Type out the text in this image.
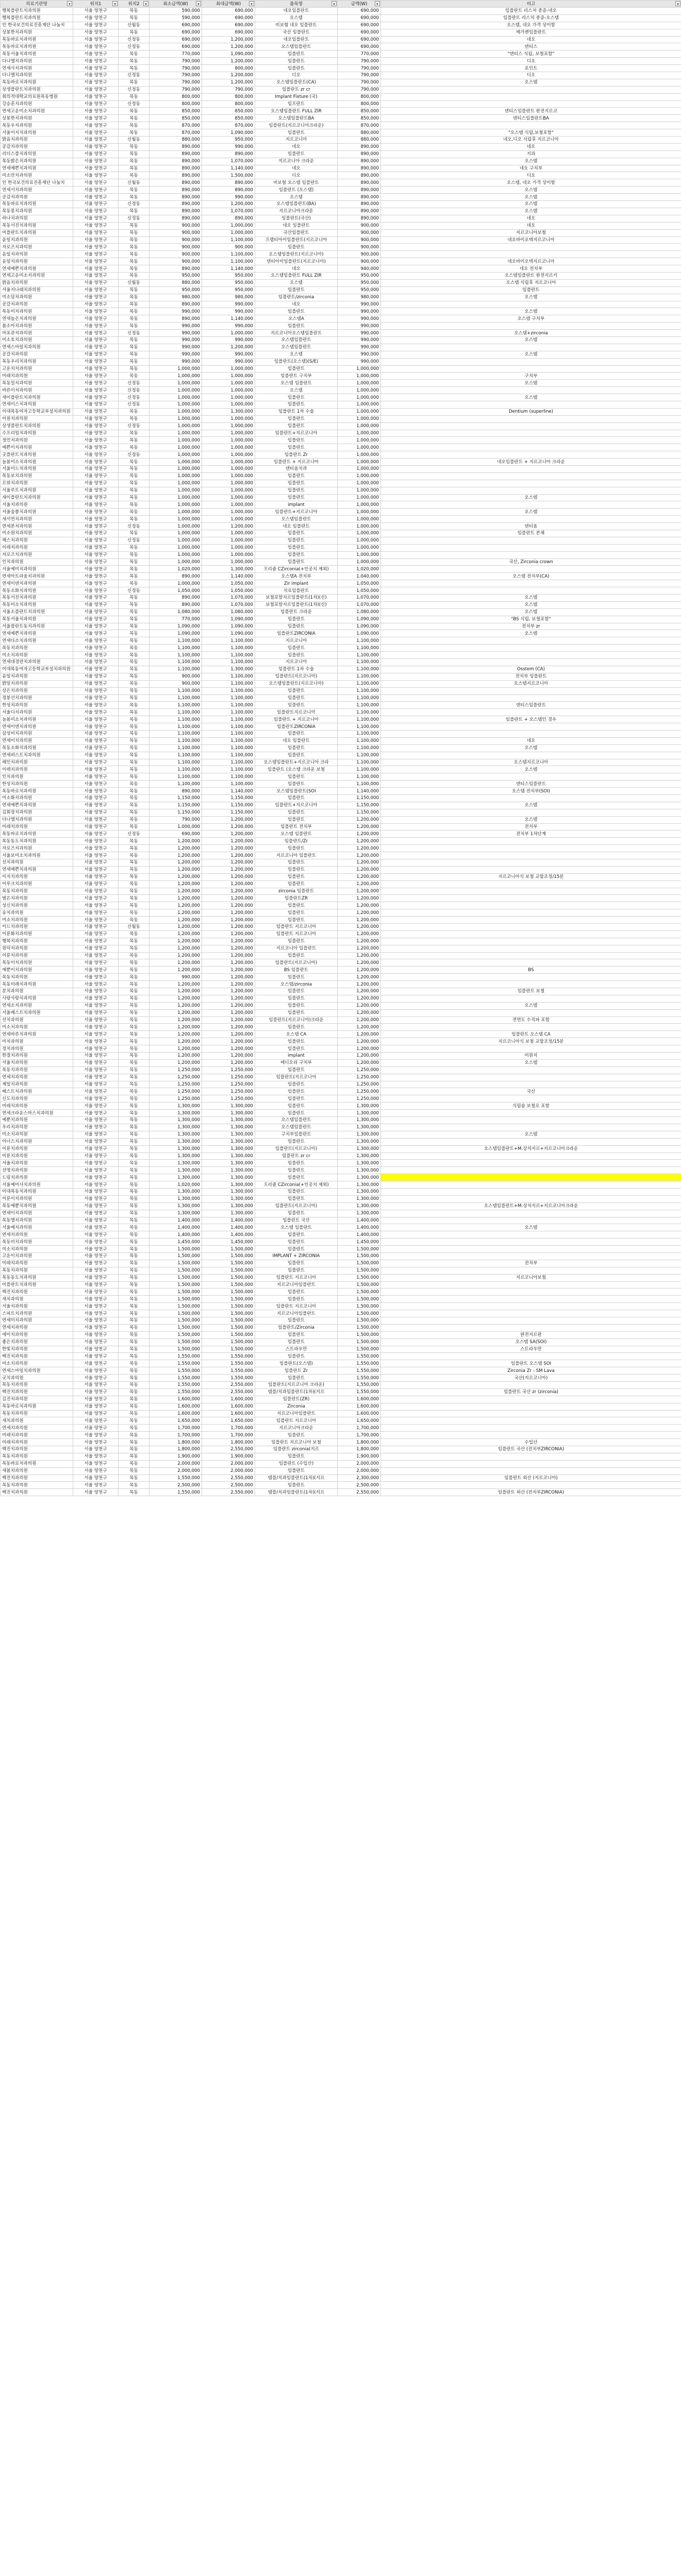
의료기관명 ▾	위치1 ▾	위치2 ▾	최소금액(W) ▾	최대금액(W) ▾	품목명 ▾	금액(W) ▾	비고 ▾

행복플란트치과의원	서울 양천구	목동	590,000	690,000	네오임플란트	690,000	임플란트 리스처 중증-네오
행복플란트치과의원	서울 양천구	목동	590,000	690,000	오스템	690,000	임플란트 리스처 중증-오스템
인 한국보건의료진흥재단 나눔치	서울 양천구	신월동	690,000	690,000	비보험 네오 임플란트	690,000	오스템, 네오 가격 상이함
상봉한치과의원	서울 양천구	목동	690,000	690,000	국산 임플란트	690,000	메가젠임플란트
목동바로치과의원	서울 양천구	신정동	690,000	1,200,000	네오임플란트	690,000	네오
목동바로치과의원	서울 양천구	신정동	690,000	1,200,000	오스템임플란트	690,000	덴티스
목동서울치과의원	서울 양천구	목동	770,000	1,090,000	임플란트	770,000	"덴티스 식립, 보철포함"
다니엘치과의원	서울 양천구	목동	790,000	1,200,000	임플란트	790,000	디오
연세사치과의원	서울 양천구	목동	790,000	800,000	임플란트	790,000	포인트
다니엘치과의원	서울 양천구	신정동	790,000	1,200,000	디오	790,000	디오
목동바로치과의원	서울 양천구	목동	790,000	1,200,000	오스템임플란트(CA)	790,000	오스템
상생플란트치과의원	서울 양천구	신정동	790,000	790,000	임플란트 zr cr	790,000	
회의적대학교의료원목동병원	서울 양천구	목동	800,000	800,000	Implant Fixture (국)	800,000	
강승훈치과의원	서울 양천구	신정동	800,000	800,000	임프란트	800,000	
연세고운미소치과의원	서울 양천구	목동	850,000	850,000	오스템임플란트 FULL ZIR	850,000	덴티스임플란트 완전지르코
상봉한치과의원	서울 양천구	목동	850,000	850,000	오스템임플란트BA	850,000	덴티스임플란트BA
목동우치과의원	서울 양천구	목동	870,000	870,000	임플란트(지르코니아크라운)	870,000	
서울이지치과의원	서울 양천구	목동	870,000	1,090,000	임플란트	880,000	"오스템 식립,보철포함"
밝음치과의원	서울 양천구	신월동	880,000	950,000	지르코니아	880,000	네오,디오 식립후 지르코니아
공감치과의원	서울 양천구	목동	890,000	990,000	네오	890,000	네오
리더스플치과의원	서울 양천구	목동	890,000	890,000	임플란트	890,000	지과
목동밝은치과의원	서울 양천구	목동	890,000	1,070,000	지르코니아 크라운	890,000	오스템
연세예쁜치과의원	서울 양천구	목동	890,000	1,140,000	네오	890,000	네오 구치부
미소안치과의원	서울 양천구	목동	890,000	1,500,000	디오	890,000	디오
인 한국보건의료진흥재단 나눔치	서울 양천구	신월동	890,000	890,000	비보험 오스템 임플란트	890,000	오스템, 네오 가격 상이함
연세서치과의원	서울 양천구	목동	890,000	890,000	임플란트 (오스템)	890,000	오스템
공감치과의원	서울 양천구	목동	890,000	990,000	오스템	890,000	오스템
목동바로치과의원	서울 양천구	신정동	890,000	1,200,000	오스템임플란트(BA)	890,000	오스템
목동몽치과의원	서울 양천구	목동	890,000	1,070,000	지르코니아크라운	890,000	오스템
하나치과의원	서울 양천구	신정동	890,000	890,000	임플란트(국산)	890,000	네오
목동서진치과의원	서울 양천구	목동	900,000	1,000,000	네오 임플란트	900,000	네오
미플란트치과의원	서울 양천구	목동	900,000	1,000,000	국산임플란트	900,000	지르코니아보철
윤일치과의원	서울 양천구	목동	900,000	1,100,000	프렙티아이임플란트(지르코니아	900,000	네오바이오텍지르코니아
자로즈치과의원	서울 양천구	목동	900,000	900,000	임플란트	900,000	
윤일치과의원	서울 양천구	목동	900,000	1,100,000	오스템임플란트(지르코니아)	900,000	
윤일치과의원	서울 양천구	목동	900,000	1,100,000	덴티아이임플란트(지르코니아)	900,000	네오바이오텍지르코니아
연세예쁜치과의원	서울 양천구	목동	890,000	1,140,000	네오	940,000	네오 전치부
연세고운미소치과의원	서울 양천구	목동	950,000	950,000	오스템임플란트 FULL ZIR	950,000	오스템임플란트 완전지르키
밝음치과의원	서울 양천구	신월동	880,000	950,000	오스템	950,000	오스템 식립후 지르코니아
서울지나래치과의원	서울 양천구	목동	950,000	950,000	임플란트	950,000	임플란트
미소담치과의원	서울 양천구	목동	980,000	980,000	임플란트/zirconia	980,000	오스템
공갈치과의원	서울 양천구	목동	890,000	990,000	네오	990,000	
목동미치과의원	서울 양천구	목동	990,000	990,000	임플란트	990,000	오스템
연세높은치과의원	서울 양천구	목동	890,000	1,140,000	오스템A	990,000	오스템 구치부
봄소아치과의원	서울 양천구	목동	990,000	990,000	임플란트	990,000	
마포관치과의원	서울 양천구	신정동	990,000	1,000,000	지르코니아오스템임플란트	990,000	오스템+zirconia
미소호치과의원	서울 양천구	목동	990,000	990,000	오스템임플란트	990,000	오스템
연세스마일치과의원	서울 양천구	목동	990,000	1,200,000	오스템임플란트	990,000	
공갈치과의원	서울 양천구	목동	990,000	990,000	오스템	990,000	오스템
목동우리치과의원	서울 양천구	목동	990,000	990,000	임플란트(오스템)(S/E)	990,000	
고운치치과의원	서울 양천구	목동	1,000,000	1,000,000	임플란트	1,000,000	
미래치과의원	서울 양천구	목동	1,000,000	1,000,000	임플란트 구치부	1,000,000	구치부
목동밀치과의원	서울 양천구	신정동	1,000,000	1,000,000	오스템 임플란트	1,000,000	오스템
바른이치과의원	서울 양천구	신정동	1,000,000	1,000,000	오스템	1,000,000	
새이플란트치과의원	서울 양천구	신정동	1,000,000	1,000,000	임플란트	1,000,000	오스템
연세이스치과의원	서울 양천구	신정동	1,000,000	1,000,000	임플란트	1,000,000	
이대목동여자고등학교부설치과의원	서울 양천구	목동	1,000,000	1,300,000	임플란트 1차 수술	1,000,000	Dentium (superline)
이원치과의원	서울 양천구	목동	1,000,000	1,000,000	임플란트	1,000,000	
상생플란트치과의원	서울 양천구	신정동	1,000,000	1,000,000	임플란트	1,000,000	
수프리엄치과의원	서울 양천구	목동	1,000,000	1,000,000	임플란트+지르코니아	1,000,000	
정민치과의원	서울 양천구	목동	1,000,000	1,000,000	임플란트	1,000,000	
예쁜이치과의원	서울 양천구	목동	1,000,000	1,000,000	임플란트	1,000,000	
굿플란트치과의원	서울 양천구	신정동	1,000,000	1,000,000	임플란트 Zr	1,000,000	
늘봄미소치과의원	서울 양천구	목동	1,000,000	1,000,000	임플란트 + 지르코니아	1,000,000	네오임플란트 + 지르코니아 크라운
서울미드치과의원	서울 양천구	목동	1,000,000	1,000,000	덴티움치과	1,000,000	
목동보치과의원	서울 양천구	목동	1,000,000	1,000,000	임플란트	1,000,000	
르위치과의원	서울 양천구	목동	1,000,000	1,000,000	임플란트	1,000,000	
서울루트치과의원	서울 양천구	목동	1,000,000	1,000,000	임플란트	1,000,000	
새이플란트치과의원	서울 양천구	목동	1,000,000	1,000,000	임플란트	1,000,000	오스템
서울치과의원	서울 양천구	목동	1,000,000	1,000,000	implant	1,000,000	
서울숲폴치과의원	서울 양천구	목동	1,000,000	1,000,000	임플란트+지르코니아	1,000,000	오스템
새서연치과의원	서울 양천구	목동	1,000,000	1,000,000	오스템임플란트	1,000,000	
연세본치과의원	서울 양천구	신정동	1,000,000	1,200,000	네오 임플란트	1,000,000	덴티움
미소원치과의원	서울 양천구	목동	1,000,000	1,000,000	임플란트	1,000,000	임플란트 본체
해스치과의원	서울 양천구	신정동	1,000,000	1,000,000	임플란트	1,000,000	
이레치과의원	서울 양천구	목동	1,000,000	1,000,000	임플란트	1,000,000	
자로즈치과의원	서울 양천구	목동	1,000,000	1,000,000	임플란트	1,000,000	
인치과의원	서울 양천구	목동	1,000,000	1,000,000	임플란트	1,000,000	국산, Zirconia crown
서울예미치과의원	서울 양천구	목동	1,020,000	1,300,000	프리쥼 CZirconia(+인공치 제외)	1,020,000	
연세아트라움치과의원	서울 양천구	목동	890,000	1,140,000	오스템A 전치부	1,040,000	오스템 전치부(CA)
연세이덴치과의원	서울 양천구	목동	1,000,000	1,050,000	Zir implant	1,050,000	
목동소화치과의원	서울 양천구	신정동	1,050,000	1,050,000	치료임플란트	1,050,000	
목동서진치과의원	서울 양천구	목동	890,000	1,070,000	보철포함지르임플란트(1차)(신)	1,070,000	오스템
목동미소치과의원	서울 양천구	목동	890,000	1,070,000	보철포함지르임플란트(1차)(신)	1,070,000	오스템
서울소플란트치과의원	서울 양천구	목동	1,080,000	1,080,000	임플란트 크라운	1,080,000	오스템
목동서울치과의원	서울 양천구	목동	770,000	1,090,000	임플란트	1,090,000	"BS 식립, 보철포함"
서울플란트동치과의원	서울 양천구	목동	1,090,000	1,090,000	임플란트	1,090,000	전치부 zr
연세예쁜치과의원	서울 양천구	목동	1,090,000	1,090,000	임플란트ZIRCONIA	1,090,000	오스템
연세다소치과의원	서울 양천구	목동	1,100,000	1,100,000	지르코니아	1,100,000	
목동치과의원	서울 양천구	목동	1,100,000	1,100,000	임플란트	1,100,000	
미소치과의원	서울 양천구	목동	1,100,000	1,100,000	임플란트	1,100,000	
연세대경련치과의원	서울 양천구	목동	1,100,000	1,100,000	지르코니아	1,100,000	
이대목동여자고등학교부설치과의원	서울 양천구	목동	1,100,000	1,300,000	임플란트 1차 수술	1,100,000	Osstem (CA)
윤일치과의원	서울 양천구	목동	900,000	1,100,000	임플란트(지르코니아)	1,100,000	전치부 임플란트
밝일치과의원	서울 양천구	목동	900,000	1,100,000	오스템임플란트(지르코니아)	1,100,000	오스템지르코니아
상은치과의원	서울 양천구	목동	1,100,000	1,100,000	임플란트	1,100,000	
정봉선치과의원	서울 양천구	목동	1,100,000	1,100,000	임플란트	1,100,000	
한성치과의원	서울 양천구	목동	1,100,000	1,100,000	임플란트	1,100,000	덴티스임플란트
서울디치과의원	서울 양천구	목동	1,100,000	1,100,000	임플란트지르코니아	1,100,000	
늘봄미소치과의원	서울 양천구	목동	1,100,000	1,100,000	임플란트 + 지르코니아	1,100,000	임플란트 + 오스템인 경우
연세이덴치과의원	서울 양천구	목동	1,100,000	1,100,000	임플란트ZIRCONIA	1,100,000	
삼성비치과의원	서울 양천구	목동	1,100,000	1,100,000	임플란트	1,100,000	
연세이치과의원	서울 양천구	목동	1,100,000	1,100,000	네오 임플란트	1,100,000	네오
목동소화치과의원	서울 양천구	목동	1,100,000	1,100,000	임플란트	1,100,000	오스템
연세퍼스트치과의원	서울 양천구	목동	1,100,000	1,100,000	임플란트	1,100,000	
해인치과의원	서울 양천구	목동	1,100,000	1,100,000	오스템임플란트+지르코니아 크라	1,100,000	오스템지르코니아
이레치과의원	서울 양천구	목동	1,100,000	1,100,000	임플란트 (오스템 크라운 보철	1,100,000	오스템
인치과의원	서울 양천구	목동	1,100,000	1,100,000	임플란트	1,100,000	
한성치과의원	서울 양천구	목동	1,100,000	1,100,000	임플란트	1,100,000	덴티스임플란트
목동바로치과의원	서울 양천구	목동	890,000	1,140,000	오스템임플란트(SOI	1,140,000	오스템 전치부(SOI)
미소화치과의원	서울 양천구	목동	1,150,000	1,150,000	임플란트	1,150,000	
연세예쁜치과의원	서울 양천구	목동	1,150,000	1,150,000	임플란트+지르코니아	1,150,000	오스템
김회장치과의원	서울 양천구	목동	1,150,000	1,150,000	임플란트	1,150,000	
다니엘치과의원	서울 양천구	목동	790,000	1,200,000	임플란트	1,200,000	오스템
미래치과의원	서울 양천구	목동	1,000,000	1,200,000	임플란트 전치부	1,200,000	전치부
목동바로치과의원	서울 양천구	신정동	690,000	1,200,000	오스템 임플란트	1,200,000	전치부 1차단계
목동동도치과의원	서울 양천구	목동	1,200,000	1,200,000	임플란트/Zr	1,200,000	
자로즈치과의원	서울 양천구	목동	1,200,000	1,200,000	임플란트	1,200,000	
서울보미소치과의원	서울 양천구	목동	1,200,000	1,200,000	지르코니아 임플란트	1,200,000	
선치과의원	서울 양천구	목동	1,200,000	1,200,000	임플란트	1,200,000	
연세예쁜치과의원	서울 양천구	목동	1,200,000	1,200,000	임플란트	1,200,000	
이지치과의원	서울 양천구	목동	1,200,000	1,200,000	임플란트	1,200,000	지르코니아식 보철 교합조정/15분
이루크치과의원	서울 양천구	목동	1,200,000	1,200,000	임플란트	1,200,000	
목동치과의원	서울 양천구	목동	1,200,000	1,200,000	zirconia 임플란트	1,200,000	
범은치과의원	서울 양천구	목동	1,200,000	1,200,000	임플란트ZR	1,200,000	
성신치과의원	서울 양천구	목동	1,200,000	1,200,000	임플란트	1,200,000	
송치과의원	서울 양천구	목동	1,200,000	1,200,000	임플란트	1,200,000	
미소치과의원	서울 양천구	목동	1,200,000	1,200,000	임플란트	1,200,000	
이드치과의원	서울 양천구	신월동	1,200,000	1,200,000	임플란트 지르코니아	1,200,000	
이룬화치과의원	서울 양천구	목동	1,200,000	1,200,000	임플란트 지르코니아	1,200,000	
행복치과의원	서울 양천구	목동	1,200,000	1,200,000	임플란트	1,200,000	
원덕치과의원	서울 양천구	목동	1,200,000	1,200,000	지르코니아 임플란트	1,200,000	
이룬치과의원	서울 양천구	목동	1,200,000	1,200,000	임플란트	1,200,000	
목동이치과의원	서울 양천구	목동	1,200,000	1,200,000	임플란트(지르코니아)	1,200,000	
예뿐이치과의원	서울 양천구	목동	1,200,000	1,200,000	BS 임플란트	1,200,000	BS
목동치과의원	서울 양천구	목동	990,000	1,200,000	임플란트	1,200,000	
목동미래치과의원	서울 양천구	목동	1,200,000	1,200,000	오스템/zirconia	1,200,000	
분치과의원	서울 양천구	목동	1,200,000	1,200,000	임플란트	1,200,000	임플란트 보철
사랑사랑치과의원	서울 양천구	목동	1,200,000	1,200,000	임플란트	1,200,000	
연세소치과의원	서울 양천구	목동	1,200,000	1,200,000	임플란트	1,200,000	오스템
서울베스트치과의원	서울 양천구	목동	1,200,000	1,200,000	임플란트	1,200,000	
선치과의원	서울 양천구	목동	1,200,000	1,200,000	임플란트(지르코니아)크라운	1,200,000	전면도 수직파 포함
미소치과의원	서울 양천구	목동	1,200,000	1,200,000	임플란트	1,200,000	
연세바른치과의원	서울 양천구	목동	1,200,000	1,200,000	오스템 CA	1,200,000	임플란트 오스템 CA
미치과의원	서울 양천구	목동	1,200,000	1,200,000	임플란트	1,200,000	지르코니아식 보철 교합조정/15분
정치과의원	서울 양천구	목동	1,200,000	1,200,000	임플란트	1,200,000	
한결치과의원	서울 양천구	목동	1,200,000	1,200,000	implant	1,200,000	미원지
서울치과의원	서울 양천구	목동	1,200,000	1,200,000	메디오라 구치부	1,200,000	오스템
목동치과의원	서울 양천구	목동	1,250,000	1,250,000	임플란트	1,250,000	
연세치과의원	서울 양천구	목동	1,250,000	1,250,000	임플란트(지르코니아	1,250,000	
제일치과의원	서울 양천구	목동	1,250,000	1,250,000	임플란트	1,250,000	
베스트치과의원	서울 양천구	목동	1,250,000	1,250,000	임플란트	1,250,000	국산
신도치과의원	서울 양천구	목동	1,250,000	1,250,000	임플란트	1,250,000	
미래치과의원	서울 양천구	목동	1,300,000	1,300,000	임플란트	1,300,000	식립술 보철로 포함
연세크라운스마스치과의원	서울 양천구	목동	1,300,000	1,300,000	임플란트	1,300,000	
예뿐치과의원	서울 양천구	목동	1,300,000	1,300,000	오스템임플란트	1,300,000	
우리치과의원	서울 양천구	목동	1,300,000	1,300,000	오스템임플란트	1,300,000	
미소치과의원	서울 양천구	목동	1,300,000	1,300,000	구치부임플란트	1,300,000	오스템
아너스치과의원	서울 양천구	목동	1,300,000	1,300,000	임플란트	1,300,000	
이룬치과의원	서울 양천구	목동	1,300,000	1,300,000	임플란트(지르코니아)	1,300,000	오스템임플란트+M.상처지르+지르코니아크라운
미룬치과의원	서울 양천구	목동	1,300,000	1,300,000	임플란트 zr cr	1,300,000	
서울치과의원	서울 양천구	목동	1,300,000	1,300,000	임플란트	1,300,000	
선명치과의원	서울 양천구	목동	1,300,000	1,300,000	임플란트	1,300,000	
드림치과의원	서울 양천구	목동	1,300,000	1,300,000	임플란트	1,300,000	
서울예미사치과의원	서울 양천구	목동	1,020,000	1,300,000	프리쥼 CZirconia(+인공치 제외)	1,300,000	
이대목동치과의원	서울 양천구	목동	1,300,000	1,300,000	임플란트	1,300,000	
이룬이치과의원	서울 양천구	목동	1,300,000	1,300,000	임플란트	1,300,000	
목동예뿐치과의원	서울 양천구	목동	1,300,000	1,300,000	임플란트(지르코니아)	1,300,000	오스템임플란트+M.상처지르+지르코니아크라운
연세이치과의원	서울 양천구	목동	1,300,000	1,300,000	임플란트	1,300,000	
목동엘치과의원	서울 양천구	목동	1,400,000	1,400,000	임플란트 국산	1,400,000	
서울예치과의원	서울 양천구	목동	1,400,000	1,400,000	오스템 임플란트	1,400,000	오스템
연세치과의원	서울 양천구	목동	1,400,000	1,400,000	임플란트	1,400,000	
목동비치과의원	서울 양천구	목동	1,450,000	1,450,000	임플란트	1,450,000	
미소치과의원	서울 양천구	목동	1,500,000	1,500,000	임플란트	1,500,000	
고운이치과의원	서울 양천구	목동	1,500,000	1,500,000	IMPLANT + ZIRCONIA	1,500,000	
미래치과의원	서울 양천구	목동	1,500,000	1,500,000	임플란트	1,500,000	전치부
목동치과의원	서울 양천구	목동	1,500,000	1,500,000	임플란트	1,500,000	
목동동도치과의원	서울 양천구	목동	1,500,000	1,500,000	임플란트 지르코니아	1,500,000	지르코니아보철
미플란트치과의원	서울 양천구	목동	1,500,000	1,500,000	지르코니아임플란트	1,500,000	
백진치과의원	서울 양천구	목동	1,500,000	1,500,000	임플란트	1,500,000	
새치과의원	서울 양천구	목동	1,500,000	1,500,000	임플란트	1,500,000	
서울치과의원	서울 양천구	목동	1,500,000	1,500,000	임플란트 지르코니아	1,500,000	
스피트치과의원	서울 양천구	목동	1,500,000	1,500,000	지르코니아임플란트	1,500,000	
연세미치과의원	서울 양천구	목동	1,500,000	1,500,000	임플란트	1,500,000	
연세치과의원	서울 양천구	목동	1,500,000	1,500,000	임플란트/Zirconia	1,500,000	
에이치과의원	서울 양천구	목동	1,500,000	1,500,000	임플란트	1,500,000	완전지르판
좋은치과의원	서울 양천구	목동	1,500,000	1,500,000	임플란트	1,500,000	오스템 SA(SOI)
한빛치과의원	서울 양천구	목동	1,500,000	1,500,000	스트라우만	1,500,000	스트라우만
백진치과의원	서울 양천구	목동	1,550,000	1,550,000	임플란트	1,550,000	
미소치과의원	서울 양천구	목동	1,550,000	1,550,000	임플란트(오스템)	1,550,000	임플란트 오스템 SOI
연세스마일치과의원	서울 양천구	목동	1,550,000	1,550,000	임플란트 Zr	1,550,000	Zirconia Zr - SM Lava
굿치과의원	서울 양천구	목동	1,550,000	1,550,000	임플란트	1,550,000	국산(지르코니아)
목동치과의원	서울 양천구	목동	1,550,000	2,550,000	임플란트(지르코니아 크라운)	1,550,000	
백진치과의원	서울 양천구	목동	1,550,000	2,550,000	템플/치과임플란트(1차)(지르	1,550,000	임플란트 국산 zr (zirconia)
김진치과의원	서울 양천구	목동	1,600,000	1,600,000	임플란트(ZR)	1,600,000	
목동바로치과의원	서울 양천구	목동	1,600,000	1,600,000	Zirconia	1,600,000	
목동치과의원	서울 양천구	목동	1,600,000	1,600,000	지르코니아임플란트	1,600,000	
새치과의원	서울 양천구	목동	1,650,000	1,650,000	임플란트 지르코니아	1,650,000	
연세치과의원	서울 양천구	목동	1,700,000	1,700,000	지르코니아크라운	1,700,000	
미래치과의원	서울 양천구	목동	1,700,000	1,700,000	임플란트	1,700,000	
미래치과의원	서울 양천구	목동	1,800,000	1,800,000	임플란트 지르코니아 보철	1,800,000	수입산
백진치과의원	서울 양천구	목동	1,800,000	2,550,000	임플란트 zirconia(지르	1,800,000	임플란트 국산 (전치부ZIRCONIA)
목동치과의원	서울 양천구	목동	1,900,000	1,900,000	임플란트	1,900,000	
목동바로치과의원	서울 양천구	목동	2,000,000	2,000,000	임플란트 (수입산)	2,000,000	
새봄치과의원	서울 양천구	목동	2,000,000	2,000,000	임플란트	2,000,000	
백진치과의원	서울 양천구	목동	1,550,000	2,550,000	템플/치과임플란트(1차)(지르	2,300,000	임플란트 외산 (지르코니아)
목동치과의원	서울 양천구	목동	2,500,000	2,500,000	임플란트	2,500,000	
백진치과의원	서울 양천구	목동	1,550,000	2,550,000	템플/치과임플란트(1차)(지르	2,550,000	임플란트 외산 (전치부ZIRCONIA)
